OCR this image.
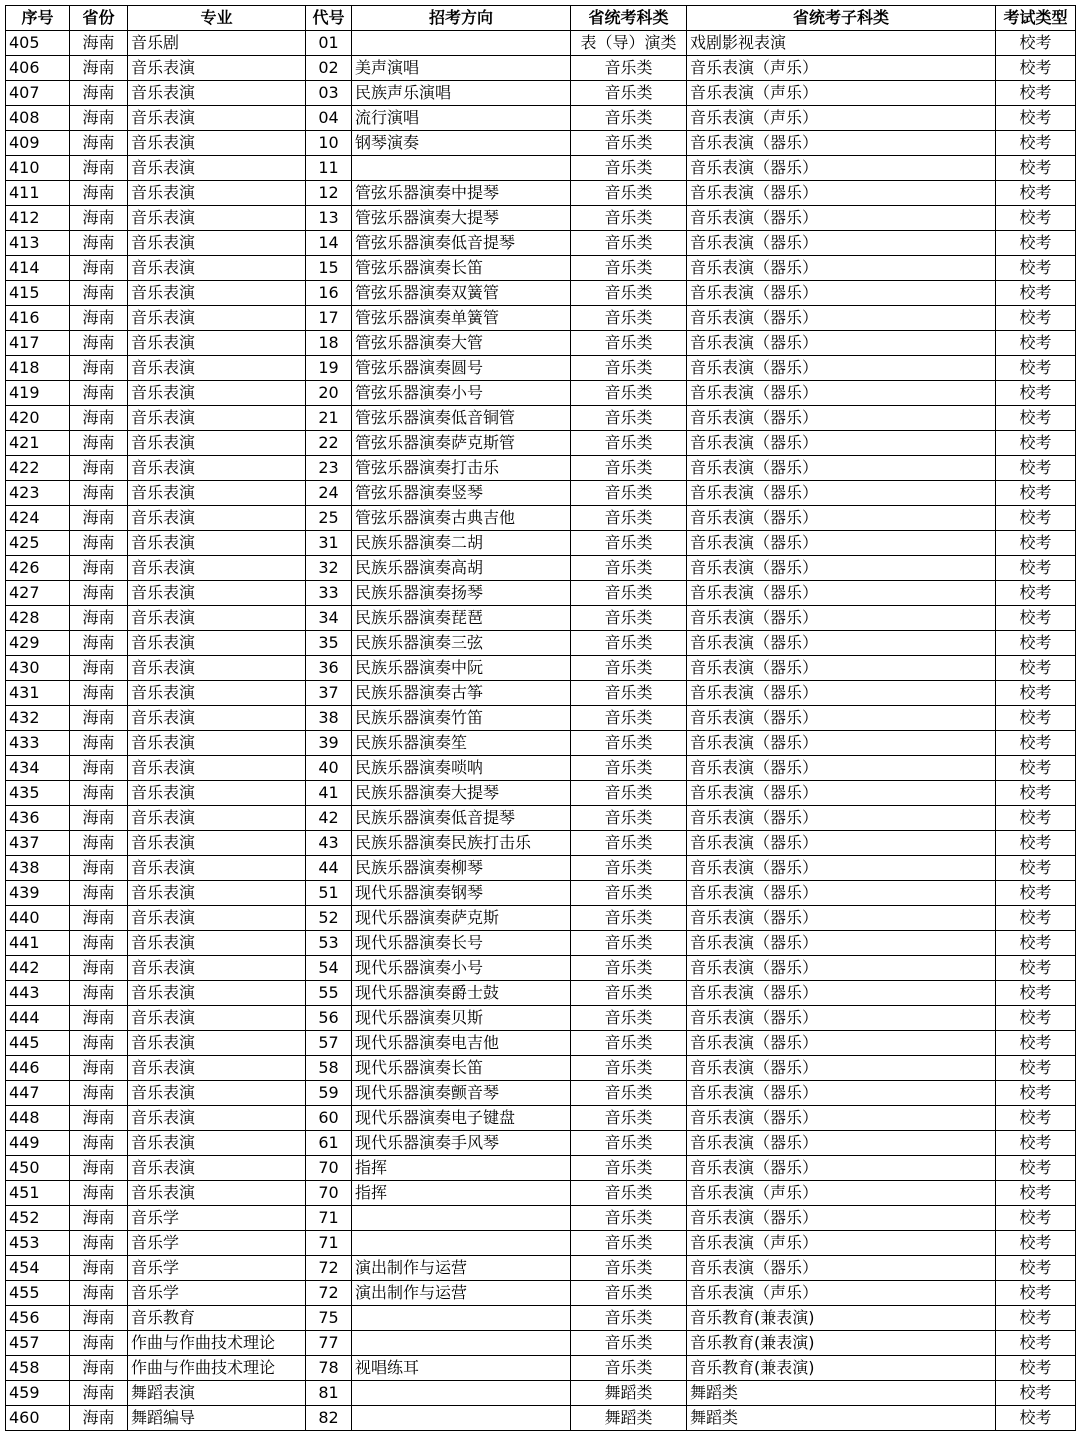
序号	省份	专业	代号	招考方向	省统考科类	省统考子科类	考试类型
405	海南	音乐剧	01		表（导）演类	戏剧影视表演	校考
406	海南	音乐表演	02	美声演唱	音乐类	音乐表演（声乐）	校考
407	海南	音乐表演	03	民族声乐演唱	音乐类	音乐表演（声乐）	校考
408	海南	音乐表演	04	流行演唱	音乐类	音乐表演（声乐）	校考
409	海南	音乐表演	10	钢琴演奏	音乐类	音乐表演（器乐）	校考
410	海南	音乐表演	11		音乐类	音乐表演（器乐）	校考
411	海南	音乐表演	12	管弦乐器演奏中提琴	音乐类	音乐表演（器乐）	校考
412	海南	音乐表演	13	管弦乐器演奏大提琴	音乐类	音乐表演（器乐）	校考
413	海南	音乐表演	14	管弦乐器演奏低音提琴	音乐类	音乐表演（器乐）	校考
414	海南	音乐表演	15	管弦乐器演奏长笛	音乐类	音乐表演（器乐）	校考
415	海南	音乐表演	16	管弦乐器演奏双簧管	音乐类	音乐表演（器乐）	校考
416	海南	音乐表演	17	管弦乐器演奏单簧管	音乐类	音乐表演（器乐）	校考
417	海南	音乐表演	18	管弦乐器演奏大管	音乐类	音乐表演（器乐）	校考
418	海南	音乐表演	19	管弦乐器演奏圆号	音乐类	音乐表演（器乐）	校考
419	海南	音乐表演	20	管弦乐器演奏小号	音乐类	音乐表演（器乐）	校考
420	海南	音乐表演	21	管弦乐器演奏低音铜管	音乐类	音乐表演（器乐）	校考
421	海南	音乐表演	22	管弦乐器演奏萨克斯管	音乐类	音乐表演（器乐）	校考
422	海南	音乐表演	23	管弦乐器演奏打击乐	音乐类	音乐表演（器乐）	校考
423	海南	音乐表演	24	管弦乐器演奏竖琴	音乐类	音乐表演（器乐）	校考
424	海南	音乐表演	25	管弦乐器演奏古典吉他	音乐类	音乐表演（器乐）	校考
425	海南	音乐表演	31	民族乐器演奏二胡	音乐类	音乐表演（器乐）	校考
426	海南	音乐表演	32	民族乐器演奏高胡	音乐类	音乐表演（器乐）	校考
427	海南	音乐表演	33	民族乐器演奏扬琴	音乐类	音乐表演（器乐）	校考
428	海南	音乐表演	34	民族乐器演奏琵琶	音乐类	音乐表演（器乐）	校考
429	海南	音乐表演	35	民族乐器演奏三弦	音乐类	音乐表演（器乐）	校考
430	海南	音乐表演	36	民族乐器演奏中阮	音乐类	音乐表演（器乐）	校考
431	海南	音乐表演	37	民族乐器演奏古筝	音乐类	音乐表演（器乐）	校考
432	海南	音乐表演	38	民族乐器演奏竹笛	音乐类	音乐表演（器乐）	校考
433	海南	音乐表演	39	民族乐器演奏笙	音乐类	音乐表演（器乐）	校考
434	海南	音乐表演	40	民族乐器演奏唢呐	音乐类	音乐表演（器乐）	校考
435	海南	音乐表演	41	民族乐器演奏大提琴	音乐类	音乐表演（器乐）	校考
436	海南	音乐表演	42	民族乐器演奏低音提琴	音乐类	音乐表演（器乐）	校考
437	海南	音乐表演	43	民族乐器演奏民族打击乐	音乐类	音乐表演（器乐）	校考
438	海南	音乐表演	44	民族乐器演奏柳琴	音乐类	音乐表演（器乐）	校考
439	海南	音乐表演	51	现代乐器演奏钢琴	音乐类	音乐表演（器乐）	校考
440	海南	音乐表演	52	现代乐器演奏萨克斯	音乐类	音乐表演（器乐）	校考
441	海南	音乐表演	53	现代乐器演奏长号	音乐类	音乐表演（器乐）	校考
442	海南	音乐表演	54	现代乐器演奏小号	音乐类	音乐表演（器乐）	校考
443	海南	音乐表演	55	现代乐器演奏爵士鼓	音乐类	音乐表演（器乐）	校考
444	海南	音乐表演	56	现代乐器演奏贝斯	音乐类	音乐表演（器乐）	校考
445	海南	音乐表演	57	现代乐器演奏电吉他	音乐类	音乐表演（器乐）	校考
446	海南	音乐表演	58	现代乐器演奏长笛	音乐类	音乐表演（器乐）	校考
447	海南	音乐表演	59	现代乐器演奏颤音琴	音乐类	音乐表演（器乐）	校考
448	海南	音乐表演	60	现代乐器演奏电子键盘	音乐类	音乐表演（器乐）	校考
449	海南	音乐表演	61	现代乐器演奏手风琴	音乐类	音乐表演（器乐）	校考
450	海南	音乐表演	70	指挥	音乐类	音乐表演（器乐）	校考
451	海南	音乐表演	70	指挥	音乐类	音乐表演（声乐）	校考
452	海南	音乐学	71		音乐类	音乐表演（器乐）	校考
453	海南	音乐学	71		音乐类	音乐表演（声乐）	校考
454	海南	音乐学	72	演出制作与运营	音乐类	音乐表演（器乐）	校考
455	海南	音乐学	72	演出制作与运营	音乐类	音乐表演（声乐）	校考
456	海南	音乐教育	75		音乐类	音乐教育(兼表演)	校考
457	海南	作曲与作曲技术理论	77		音乐类	音乐教育(兼表演)	校考
458	海南	作曲与作曲技术理论	78	视唱练耳	音乐类	音乐教育(兼表演)	校考
459	海南	舞蹈表演	81		舞蹈类	舞蹈类	校考
460	海南	舞蹈编导	82		舞蹈类	舞蹈类	校考
